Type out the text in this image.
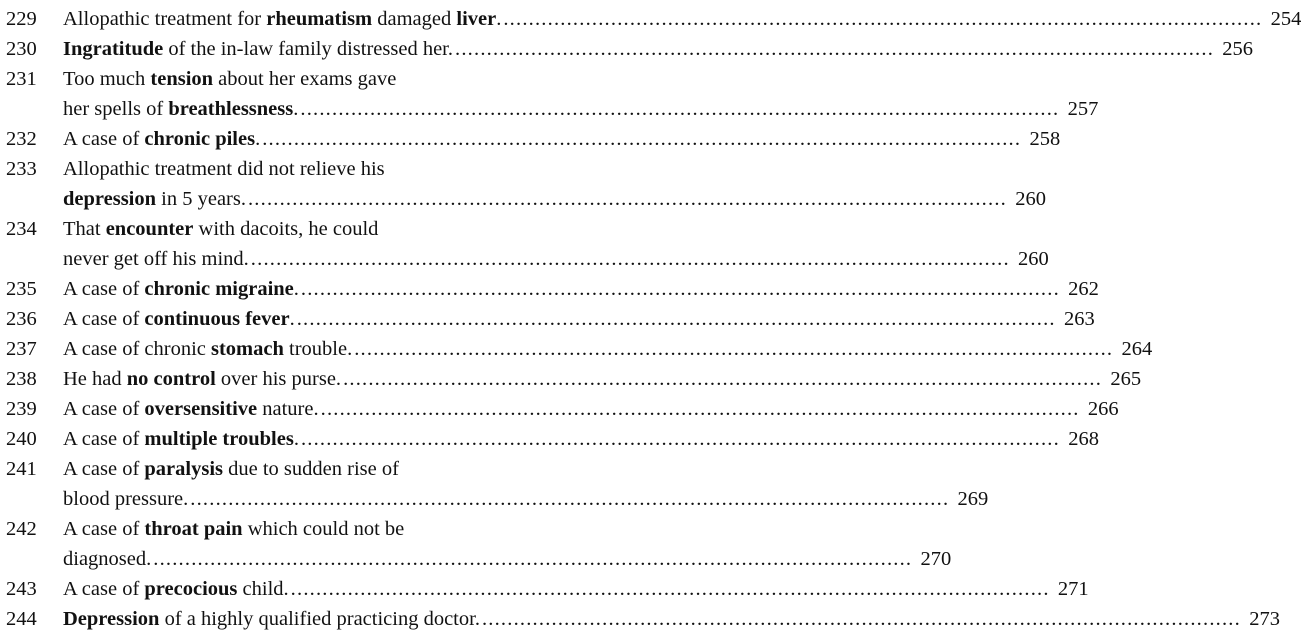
229	Allopathic treatment for rheumatism damaged liver. ........................................................................................................................ 254
230	Ingratitude of the in-law family distressed her. ........................................................................................................................ 256
231	Too much tension about her exams gave
her spells of breathlessness. ........................................................................................................................ 257
232	A case of chronic piles. ........................................................................................................................ 258
233	Allopathic treatment did not relieve his
depression in 5 years. ........................................................................................................................ 260
234	That encounter with dacoits, he could
never get off his mind. ........................................................................................................................ 260
235	A case of chronic migraine. ........................................................................................................................ 262
236	A case of continuous fever. ........................................................................................................................ 263
237	A case of chronic stomach trouble. ........................................................................................................................ 264
238	He had no control over his purse. ........................................................................................................................ 265
239	A case of oversensitive nature. ........................................................................................................................ 266
240	A case of multiple troubles. ........................................................................................................................ 268
241	A case of paralysis due to sudden rise of
blood pressure. ........................................................................................................................ 269
242	A case of throat pain which could not be
diagnosed. ........................................................................................................................ 270
243	A case of precocious child. ........................................................................................................................ 271
244	Depression of a highly qualified practicing doctor. ........................................................................................................................ 273
